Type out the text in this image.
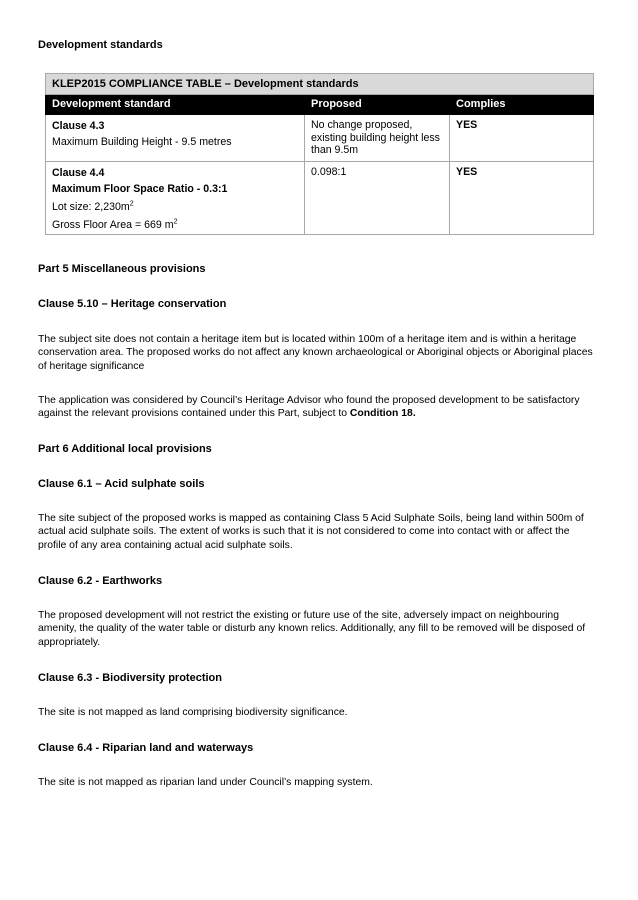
Development standards

KLEP2015 COMPLIANCE TABLE – Development standards		
Development standard	Proposed	Complies

Clause 4.3
Maximum Building Height - 9.5 metres	No change proposed, existing building height less than 9.5m	YES

Clause 4.4
Maximum Floor Space Ratio - 0.3:1
Lot size: $2,230m^2$
Gross Floor Area = 669 $m^2$	0.098:1	YES

Part 5 Miscellaneous provisions

Clause 5.10 – Heritage conservation

The subject site does not contain a heritage item but is located within 100m of a heritage item and is within a heritage conservation area. The proposed works do not affect any known archaeological or Aboriginal objects or Aboriginal places of heritage significance

The application was considered by Council’s Heritage Advisor who found the proposed development to be satisfactory against the relevant provisions contained under this Part, subject to Condition 18.

Part 6 Additional local provisions

Clause 6.1 – Acid sulphate soils

The site subject of the proposed works is mapped as containing Class 5 Acid Sulphate Soils, being land within 500m of actual acid sulphate soils. The extent of works is such that it is not considered to come into contact with or affect the profile of any area containing actual acid sulphate soils.

Clause 6.2 - Earthworks

The proposed development will not restrict the existing or future use of the site, adversely impact on neighbouring amenity, the quality of the water table or disturb any known relics. Additionally, any fill to be removed will be disposed of appropriately.

Clause 6.3 - Biodiversity protection

The site is not mapped as land comprising biodiversity significance.

Clause 6.4 - Riparian land and waterways

The site is not mapped as riparian land under Council’s mapping system.
